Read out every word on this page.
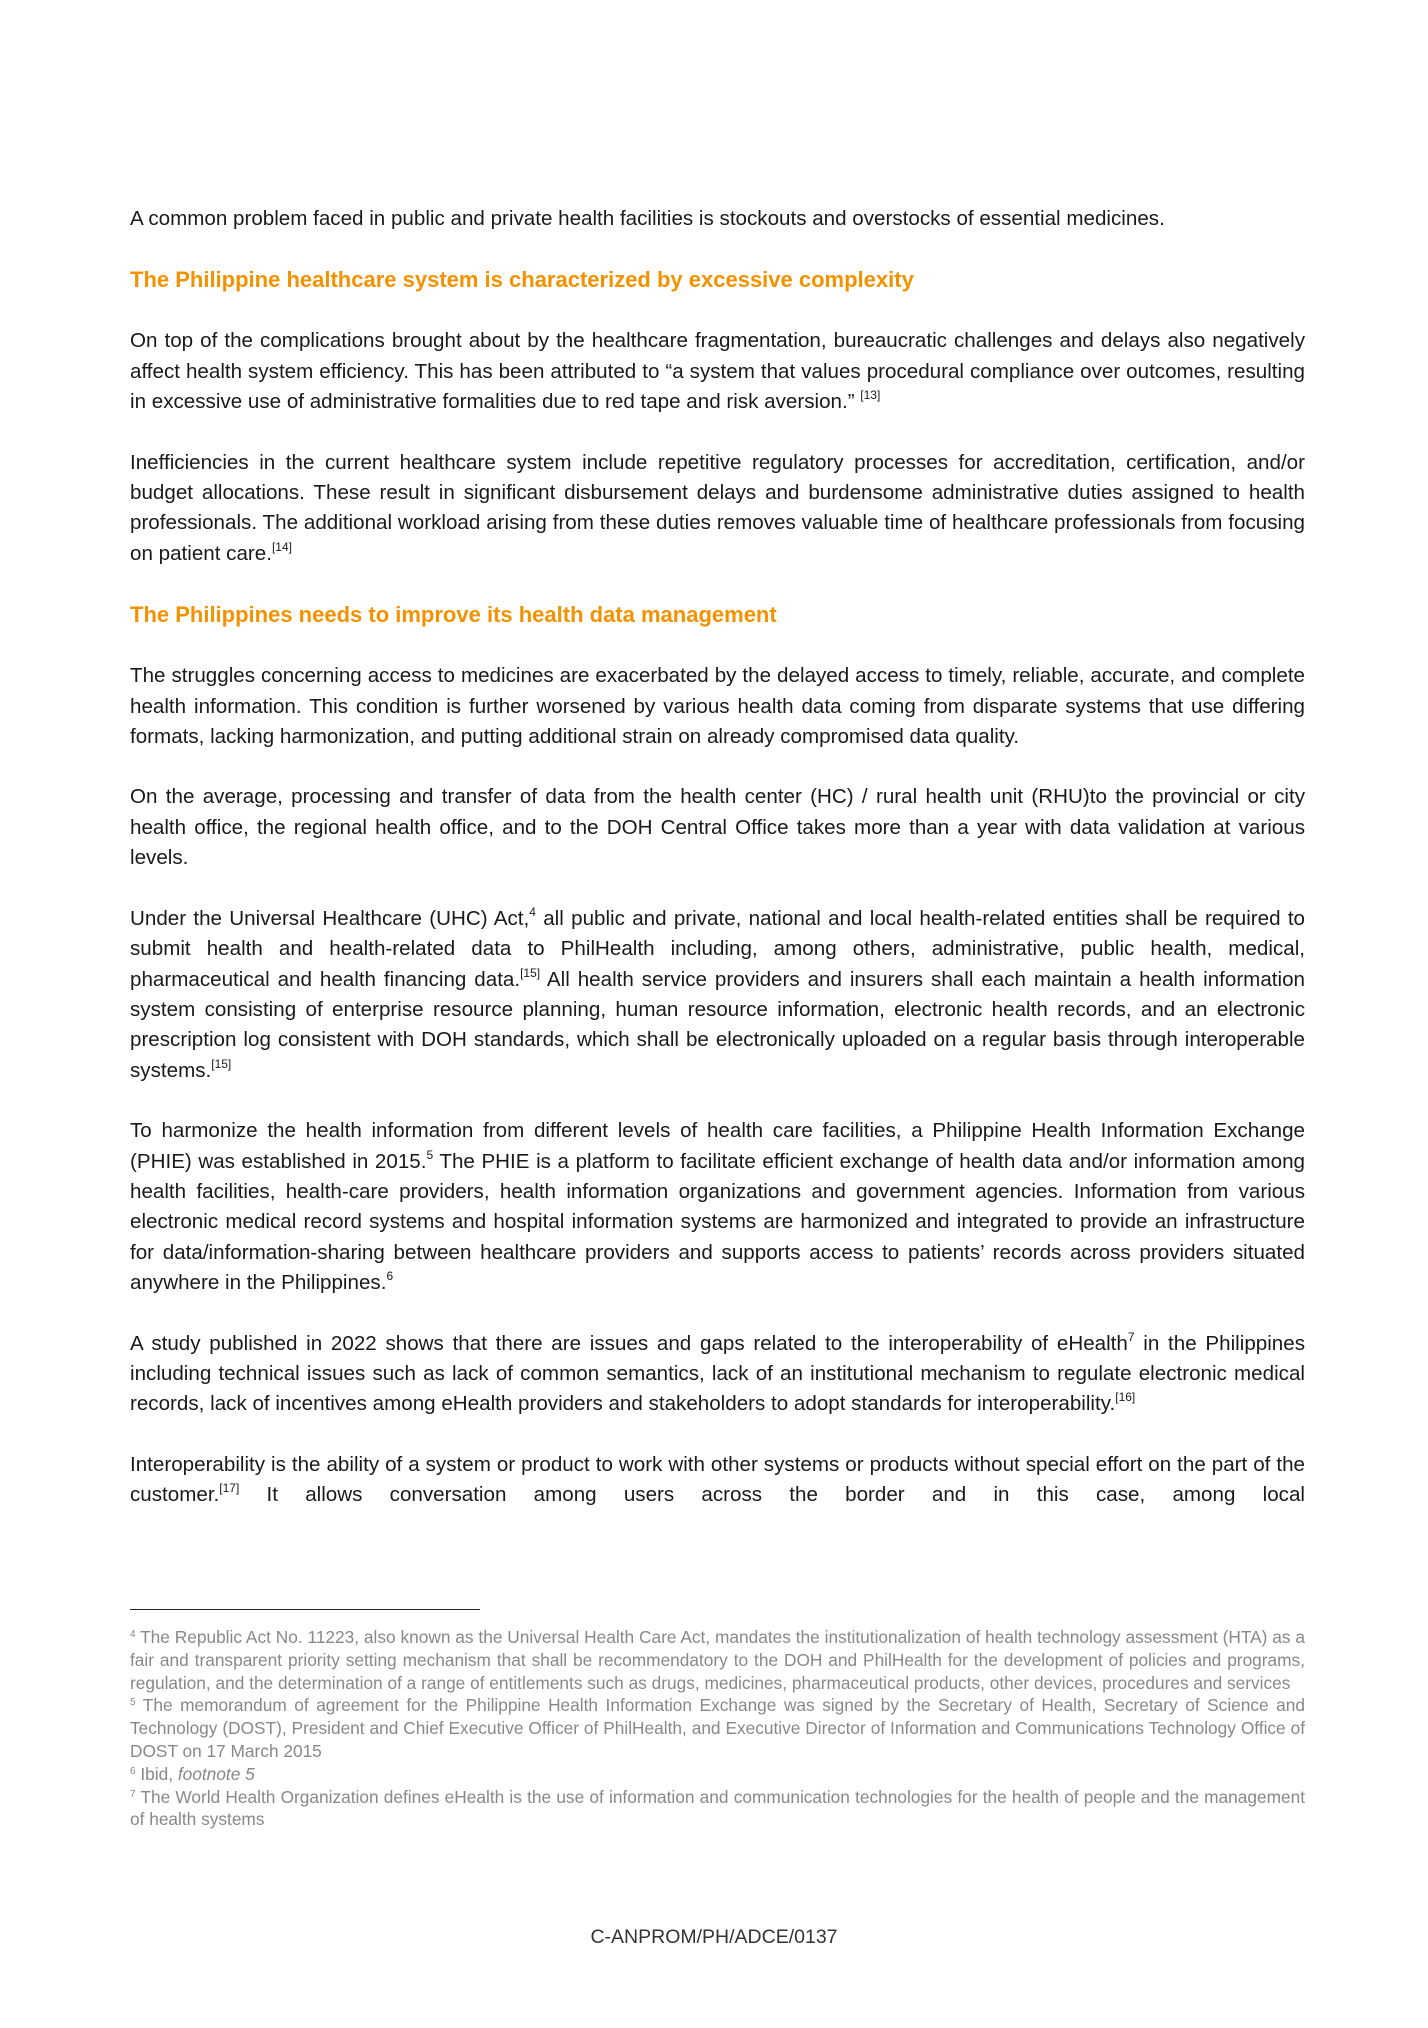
A common problem faced in public and private health facilities is stockouts and overstocks of essential medicines.

The Philippine healthcare system is characterized by excessive complexity

On top of the complications brought about by the healthcare fragmentation, bureaucratic challenges and delays also negatively affect health system efficiency. This has been attributed to “a system that values procedural compliance over outcomes, resulting in excessive use of administrative formalities due to red tape and risk aversion.” [13]

Inefficiencies in the current healthcare system include repetitive regulatory processes for accreditation, certification, and/or budget allocations. These result in significant disbursement delays and burdensome administrative duties assigned to health professionals. The additional workload arising from these duties removes valuable time of healthcare professionals from focusing on patient care.[14]

The Philippines needs to improve its health data management

The struggles concerning access to medicines are exacerbated by the delayed access to timely, reliable, accurate, and complete health information. This condition is further worsened by various health data coming from disparate systems that use differing formats, lacking harmonization, and putting additional strain on already compromised data quality.

On the average, processing and transfer of data from the health center (HC) / rural health unit (RHU)to the provincial or city health office, the regional health office, and to the DOH Central Office takes more than a year with data validation at various levels.

Under the Universal Healthcare (UHC) Act,$^4$ all public and private, national and local health-related entities shall be required to submit health and health-related data to PhilHealth including, among others, administrative, public health, medical, pharmaceutical and health financing data.[15] All health service providers and insurers shall each maintain a health information system consisting of enterprise resource planning, human resource information, electronic health records, and an electronic prescription log consistent with DOH standards, which shall be electronically uploaded on a regular basis through interoperable systems.[15]

To harmonize the health information from different levels of health care facilities, a Philippine Health Information Exchange (PHIE) was established in 2015.$^5$ The PHIE is a platform to facilitate efficient exchange of health data and/or information among health facilities, health-care providers, health information organizations and government agencies. Information from various electronic medical record systems and hospital information systems are harmonized and integrated to provide an infrastructure for data/information-sharing between healthcare providers and supports access to patients’ records across providers situated anywhere in the Philippines.$^6$

A study published in 2022 shows that there are issues and gaps related to the interoperability of eHealth$^7$ in the Philippines including technical issues such as lack of common semantics, lack of an institutional mechanism to regulate electronic medical records, lack of incentives among eHealth providers and stakeholders to adopt standards for interoperability.[16]

Interoperability is the ability of a system or product to work with other systems or products without special effort on the part of the customer.[17] It allows conversation among users across the border and in this case, among local

$^4$ The Republic Act No. 11223, also known as the Universal Health Care Act, mandates the institutionalization of health technology assessment (HTA) as a fair and transparent priority setting mechanism that shall be recommendatory to the DOH and PhilHealth for the development of policies and programs, regulation, and the determination of a range of entitlements such as drugs, medicines, pharmaceutical products, other devices, procedures and services

$^5$ The memorandum of agreement for the Philippine Health Information Exchange was signed by the Secretary of Health, Secretary of Science and Technology (DOST), President and Chief Executive Officer of PhilHealth, and Executive Director of Information and Communications Technology Office of DOST on 17 March 2015

$^6$ Ibid, footnote 5

$^7$ The World Health Organization defines eHealth is the use of information and communication technologies for the health of people and the management of health systems

C-ANPROM/PH/ADCE/0137
